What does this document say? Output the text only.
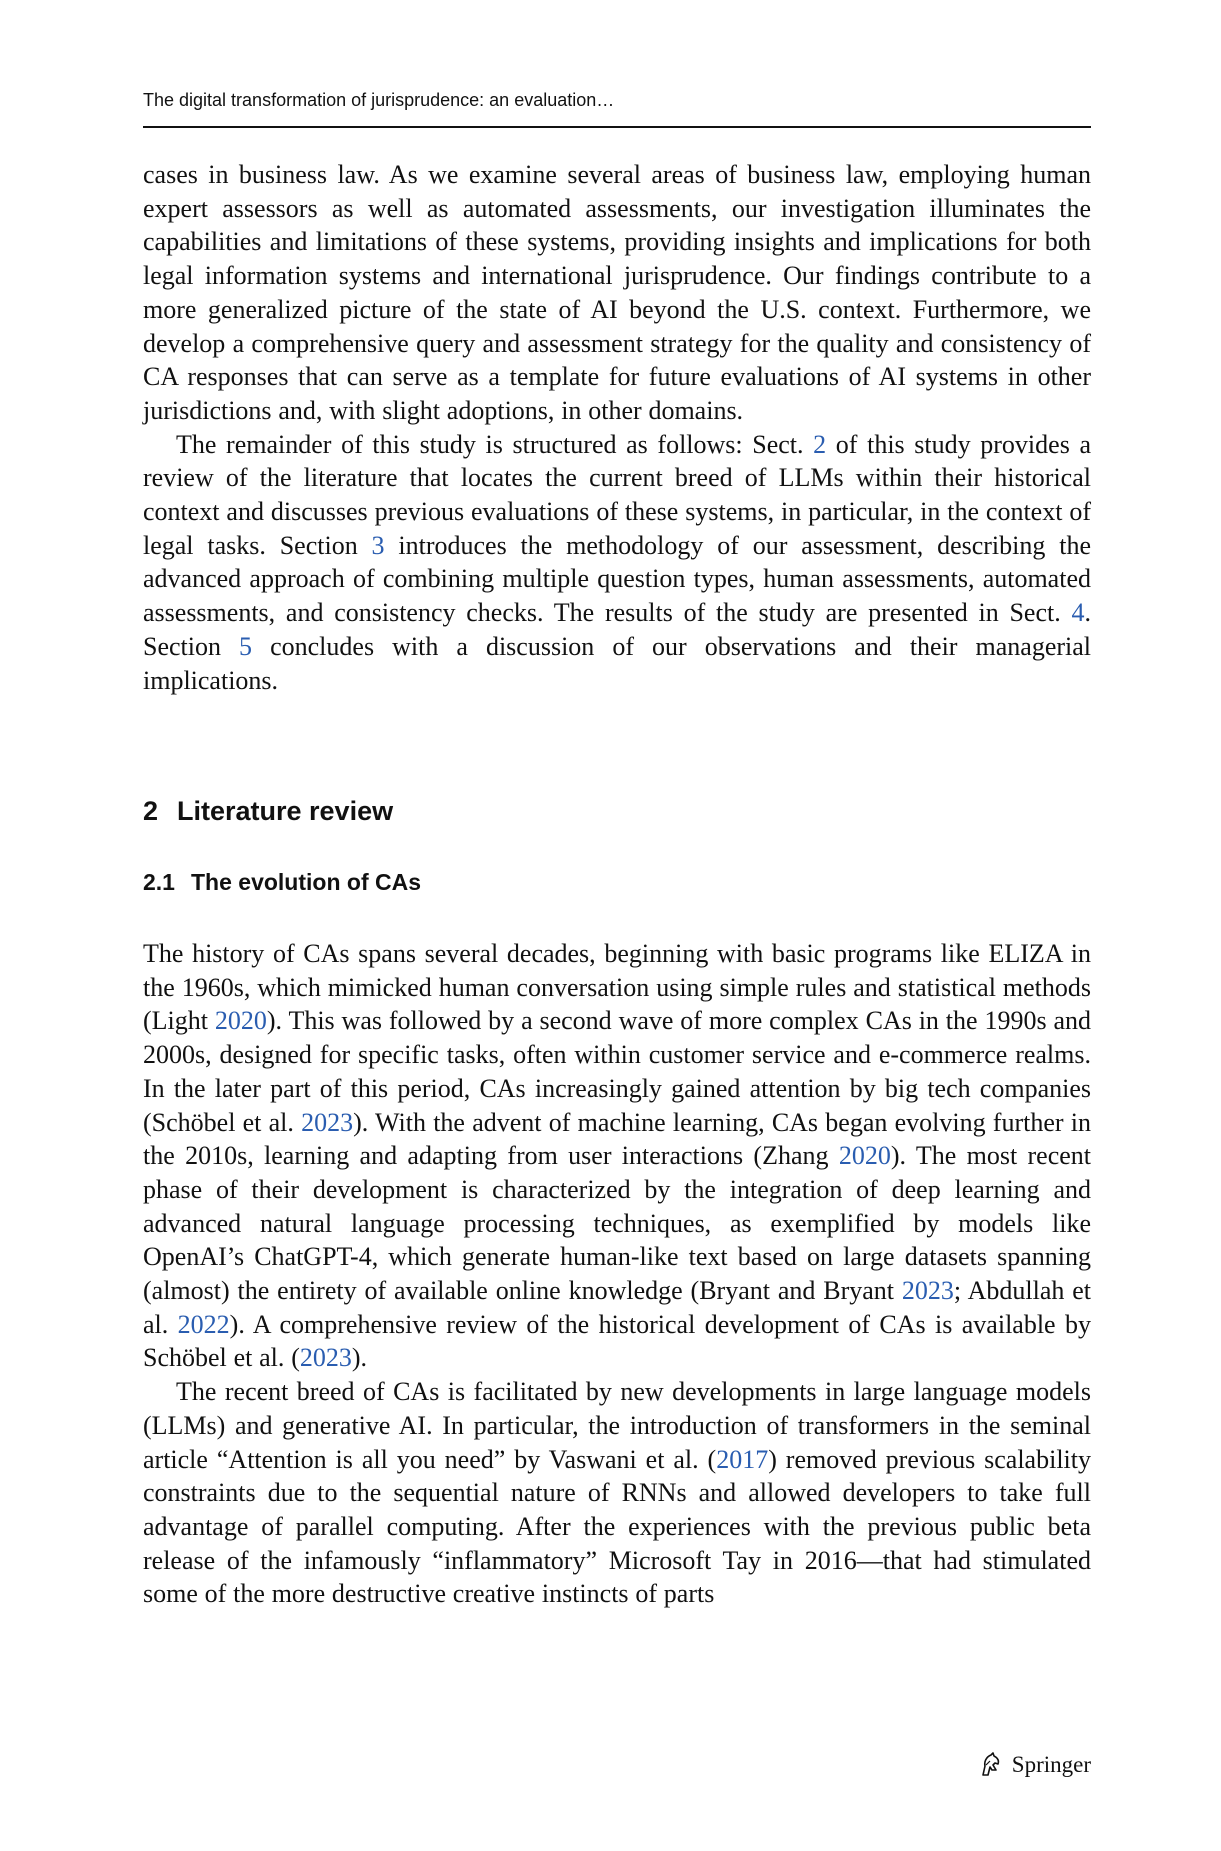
The digital transformation of jurisprudence: an evaluation…

cases in business law. As we examine several areas of business law, employing human expert assessors as well as automated assessments, our investigation illuminates the capabilities and limitations of these systems, providing insights and implications for both legal information systems and international jurisprudence. Our findings contribute to a more generalized picture of the state of AI beyond the U.S. context. Furthermore, we develop a comprehensive query and assessment strategy for the quality and consistency of CA responses that can serve as a template for future evaluations of AI systems in other jurisdictions and, with slight adoptions, in other domains.

The remainder of this study is structured as follows: Sect. 2 of this study provides a review of the literature that locates the current breed of LLMs within their historical context and discusses previous evaluations of these systems, in particular, in the context of legal tasks. Section 3 introduces the methodology of our assessment, describing the advanced approach of combining multiple question types, human assessments, automated assessments, and consistency checks. The results of the study are presented in Sect. 4. Section 5 concludes with a discussion of our observations and their managerial implications.

2 Literature review
2.1 The evolution of CAs

The history of CAs spans several decades, beginning with basic programs like ELIZA in the 1960s, which mimicked human conversation using simple rules and statistical methods (Light 2020). This was followed by a second wave of more complex CAs in the 1990s and 2000s, designed for specific tasks, often within customer service and e-commerce realms. In the later part of this period, CAs increasingly gained attention by big tech companies (Schöbel et al. 2023). With the advent of machine learning, CAs began evolving further in the 2010s, learning and adapting from user interactions (Zhang 2020). The most recent phase of their development is characterized by the integration of deep learning and advanced natural language processing techniques, as exemplified by models like OpenAI’s ChatGPT-4, which generate human-like text based on large datasets spanning (almost) the entirety of available online knowledge (Bryant and Bryant 2023; Abdullah et al. 2022). A comprehensive review of the historical development of CAs is available by Schöbel et al. (2023).

The recent breed of CAs is facilitated by new developments in large language models (LLMs) and generative AI. In particular, the introduction of transformers in the seminal article “Attention is all you need” by Vaswani et al. (2017) removed previous scalability constraints due to the sequential nature of RNNs and allowed developers to take full advantage of parallel computing. After the experiences with the previous public beta release of the infamously “inflammatory” Microsoft Tay in 2016—that had stimulated some of the more destructive creative instincts of parts

Springer
